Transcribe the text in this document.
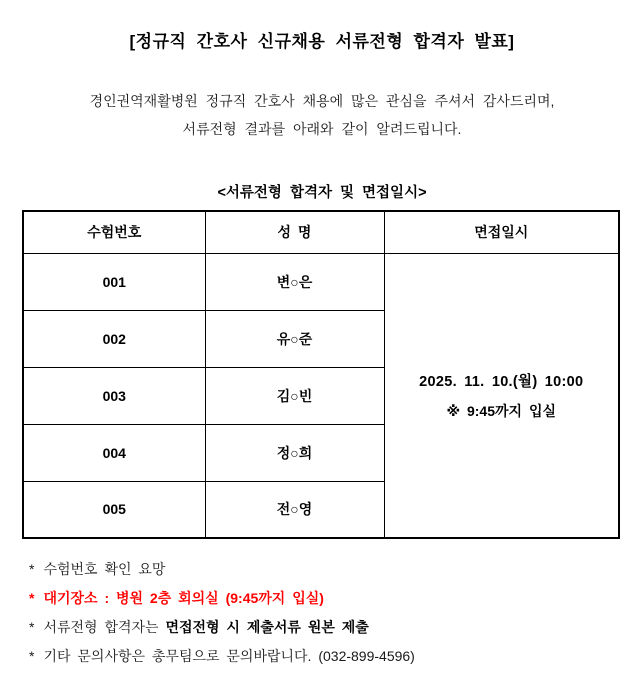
[정규직 간호사 신규채용 서류전형 합격자 발표]

경인권역재활병원 정규직 간호사 채용에 많은 관심을 주셔서 감사드리며,

서류전형 결과를 아래와 같이 알려드립니다.

<서류전형 합격자 및 면접일시>
수험번호	성 명	면접일시
001	변○은	2025. 11. 10.(월) 10:00
※ 9:45까지 입실

002	유○준	
003	김○빈	
004	정○희	
005	전○영	

* 수험번호 확인 요망

* 대기장소 : 병원 2층 회의실 (9:45까지 입실)

* 서류전형 합격자는 면접전형 시 제출서류 원본 제출

* 기타 문의사항은 총무팀으로 문의바랍니다. (032-899-4596)
